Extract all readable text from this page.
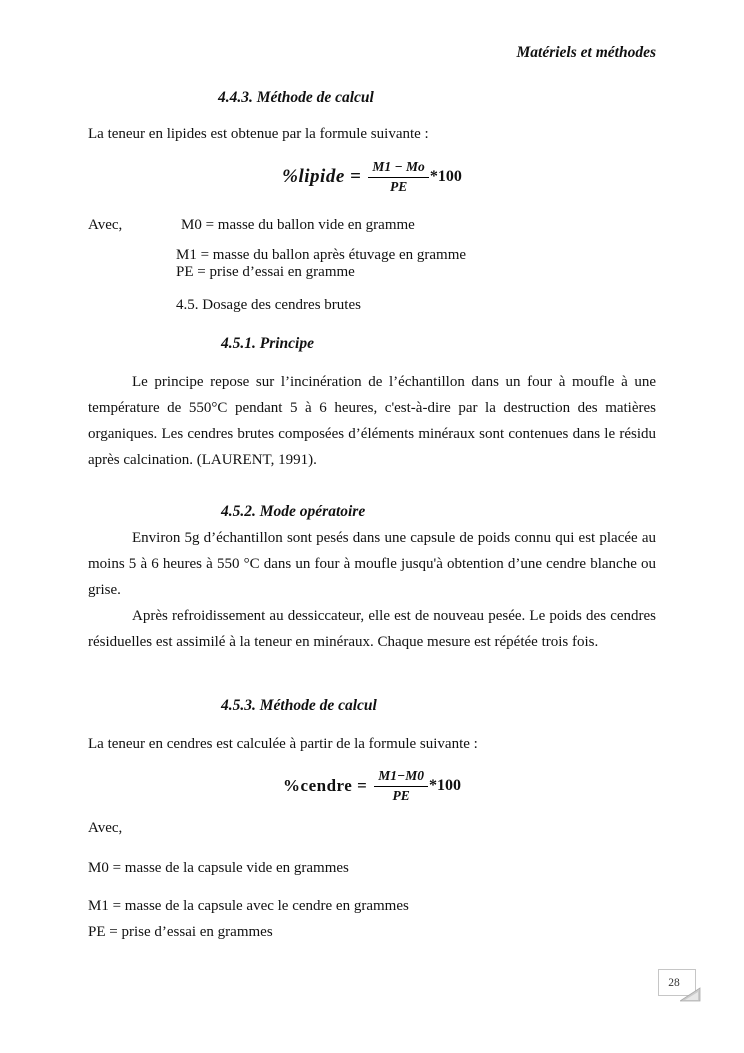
Matériels et méthodes
4.4.3. Méthode de calcul
La teneur en lipides est obtenue par la formule suivante :
%lipide = $\frac{M1 - Mo}{PE} *100$
Avec,	M0 = masse du ballon vide en gramme
M1 = masse du ballon après étuvage en gramme
PE = prise d’essai en gramme
4.5. Dosage des cendres brutes
4.5.1. Principe
Le principe repose sur l’incinération de l’échantillon dans un four à moufle à une température de 550°C pendant 5 à 6 heures, c'est-à-dire par la destruction des matières organiques. Les cendres brutes composées d’éléments minéraux sont contenues dans le résidu après calcination. (LAURENT, 1991).
4.5.2. Mode opératoire
Environ 5g d’échantillon sont pesés dans une capsule de poids connu qui est placée au moins 5 à 6 heures à 550 °C dans un four à moufle jusqu'à obtention d’une cendre blanche ou grise.
Après refroidissement au dessiccateur, elle est de nouveau pesée. Le poids des cendres résiduelles est assimilé à la teneur en minéraux. Chaque mesure est répétée trois fois.
4.5.3. Méthode de calcul
La teneur en cendres est calculée à partir de la formule suivante :
%cendre = $\frac{M1-M0}{PE} *100$
Avec,
M0 = masse de la capsule vide en grammes
M1 = masse de la capsule avec le cendre en grammes
PE = prise d’essai en grammes
28
